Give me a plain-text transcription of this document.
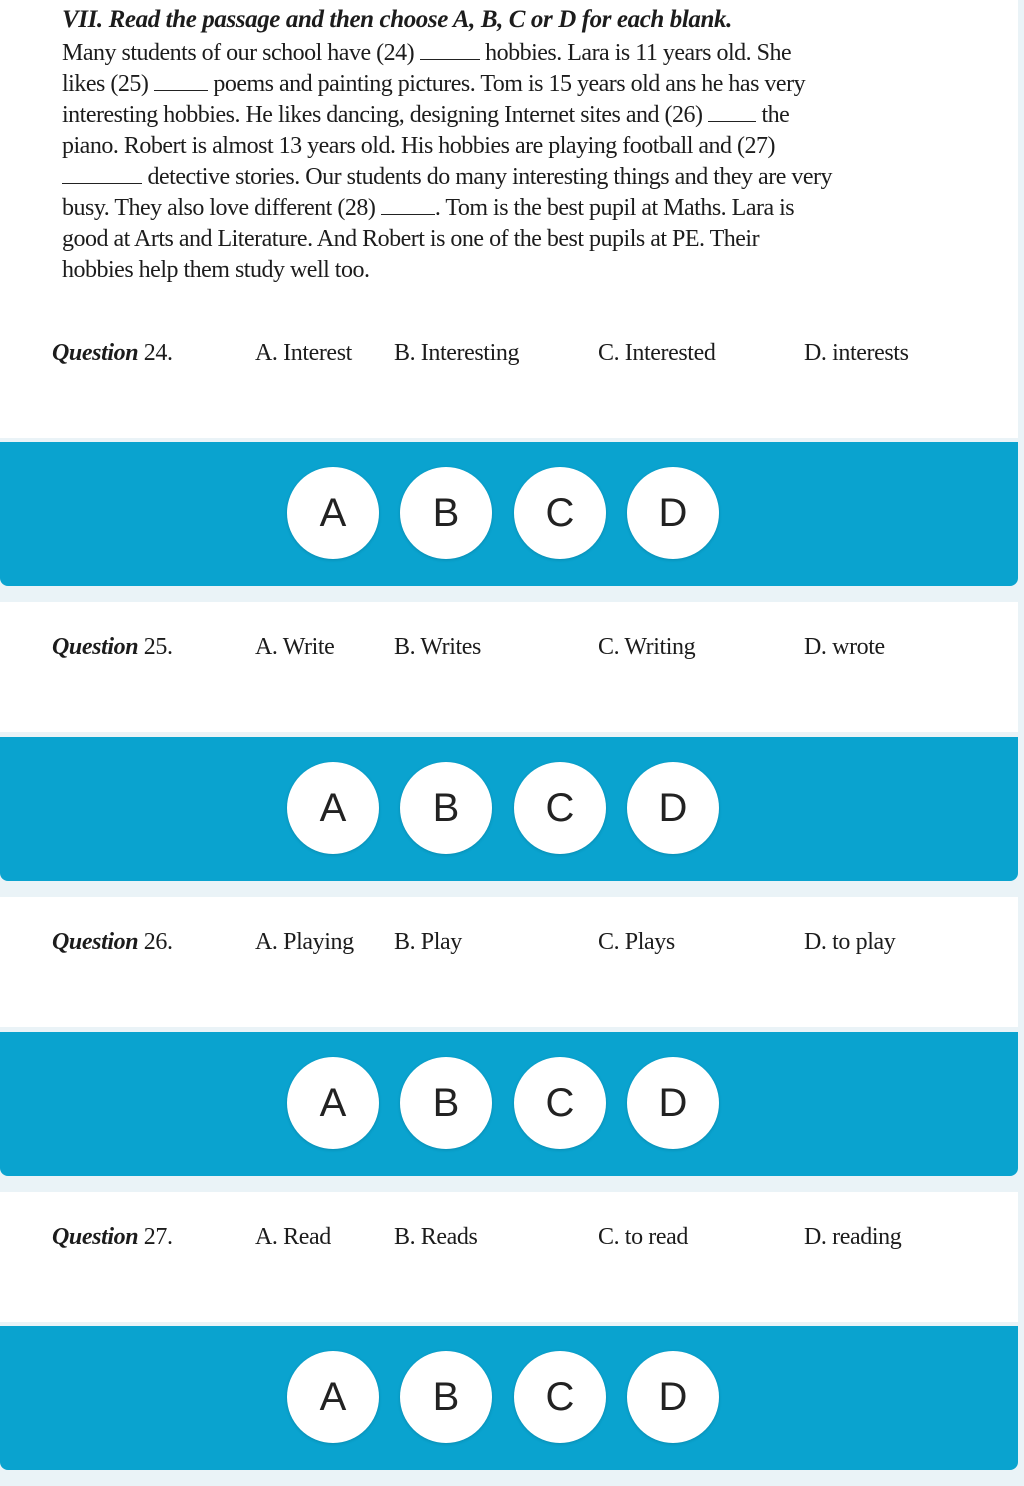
VII. Read the passage and then choose A, B, C or D for each blank.
Many students of our school have (24)	hobbies. Lara is 11 years old. She
likes (25)	poems and painting pictures. Tom is 15 years old ans he has very
interesting hobbies. He likes dancing, designing Internet sites and (26) the
piano. Robert is almost 13 years old. His hobbies are playing football and (27)
detective stories. Our students do many interesting things and they are very
busy. They also love different (28) . Tom is the best pupil at Maths. Lara is
good at Arts and Literature. And Robert is one of the best pupils at PE. Their
hobbies help them study well too.
Question 24.	A. Interest B. Interesting	C. Interested	D. interests
A	B	C	D
Question 25.	A. Write B. Writes	C. Writing	D. wrote
A	B	C	D
Question 26.	A. Playing B. Play	C. Plays	D. to play
A	B	C	D
Question 27.	A. Read	B. Reads	C. to read	D. reading
A	B	C	D
